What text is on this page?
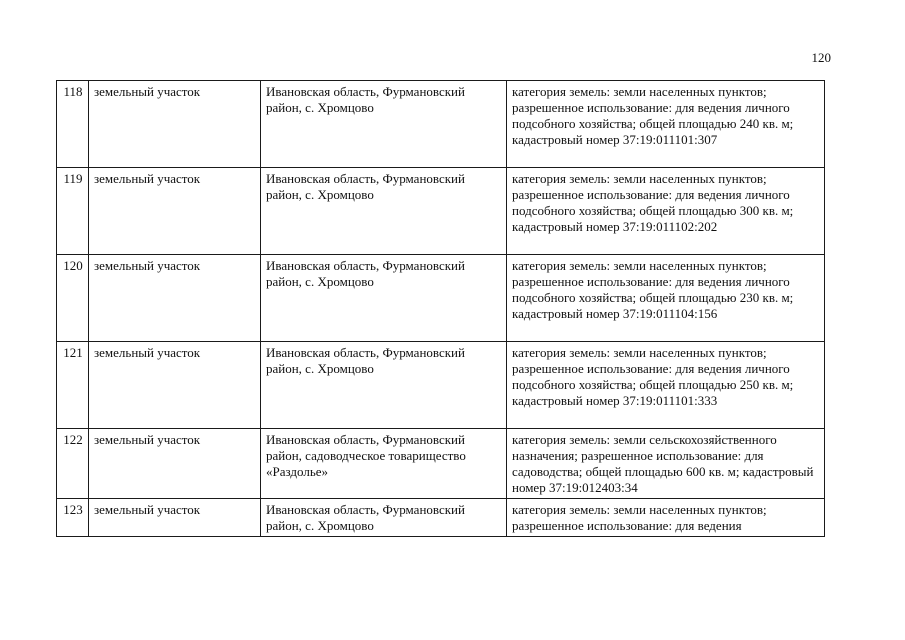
120
118	земельный участок	Ивановская область, Фурмановский район, с. Хромцово	категория земель: земли населенных пунктов; разрешенное использование: для ведения личного подсобного хозяйства; общей площадью 240 кв. м; кадастровый номер 37:19:011101:307
119	земельный участок	Ивановская область, Фурмановский район, с. Хромцово	категория земель: земли населенных пунктов; разрешенное использование: для ведения личного подсобного хозяйства; общей площадью 300 кв. м; кадастровый номер 37:19:011102:202
120	земельный участок	Ивановская область, Фурмановский район, с. Хромцово	категория земель: земли населенных пунктов; разрешенное использование: для ведения личного подсобного хозяйства; общей площадью 230 кв. м; кадастровый номер 37:19:011104:156
121	земельный участок	Ивановская область, Фурмановский район, с. Хромцово	категория земель: земли населенных пунктов; разрешенное использование: для ведения личного подсобного хозяйства; общей площадью 250 кв. м; кадастровый номер 37:19:011101:333
122	земельный участок	Ивановская область, Фурмановский район, садоводческое товарищество «Раздолье»	категория земель: земли сельскохозяйственного назначения; разрешенное использование: для садоводства; общей площадью 600 кв. м; кадастровый номер 37:19:012403:34
123	земельный участок	Ивановская область, Фурмановский район, с. Хромцово	категория земель: земли населенных пунктов; разрешенное использование: для ведения
